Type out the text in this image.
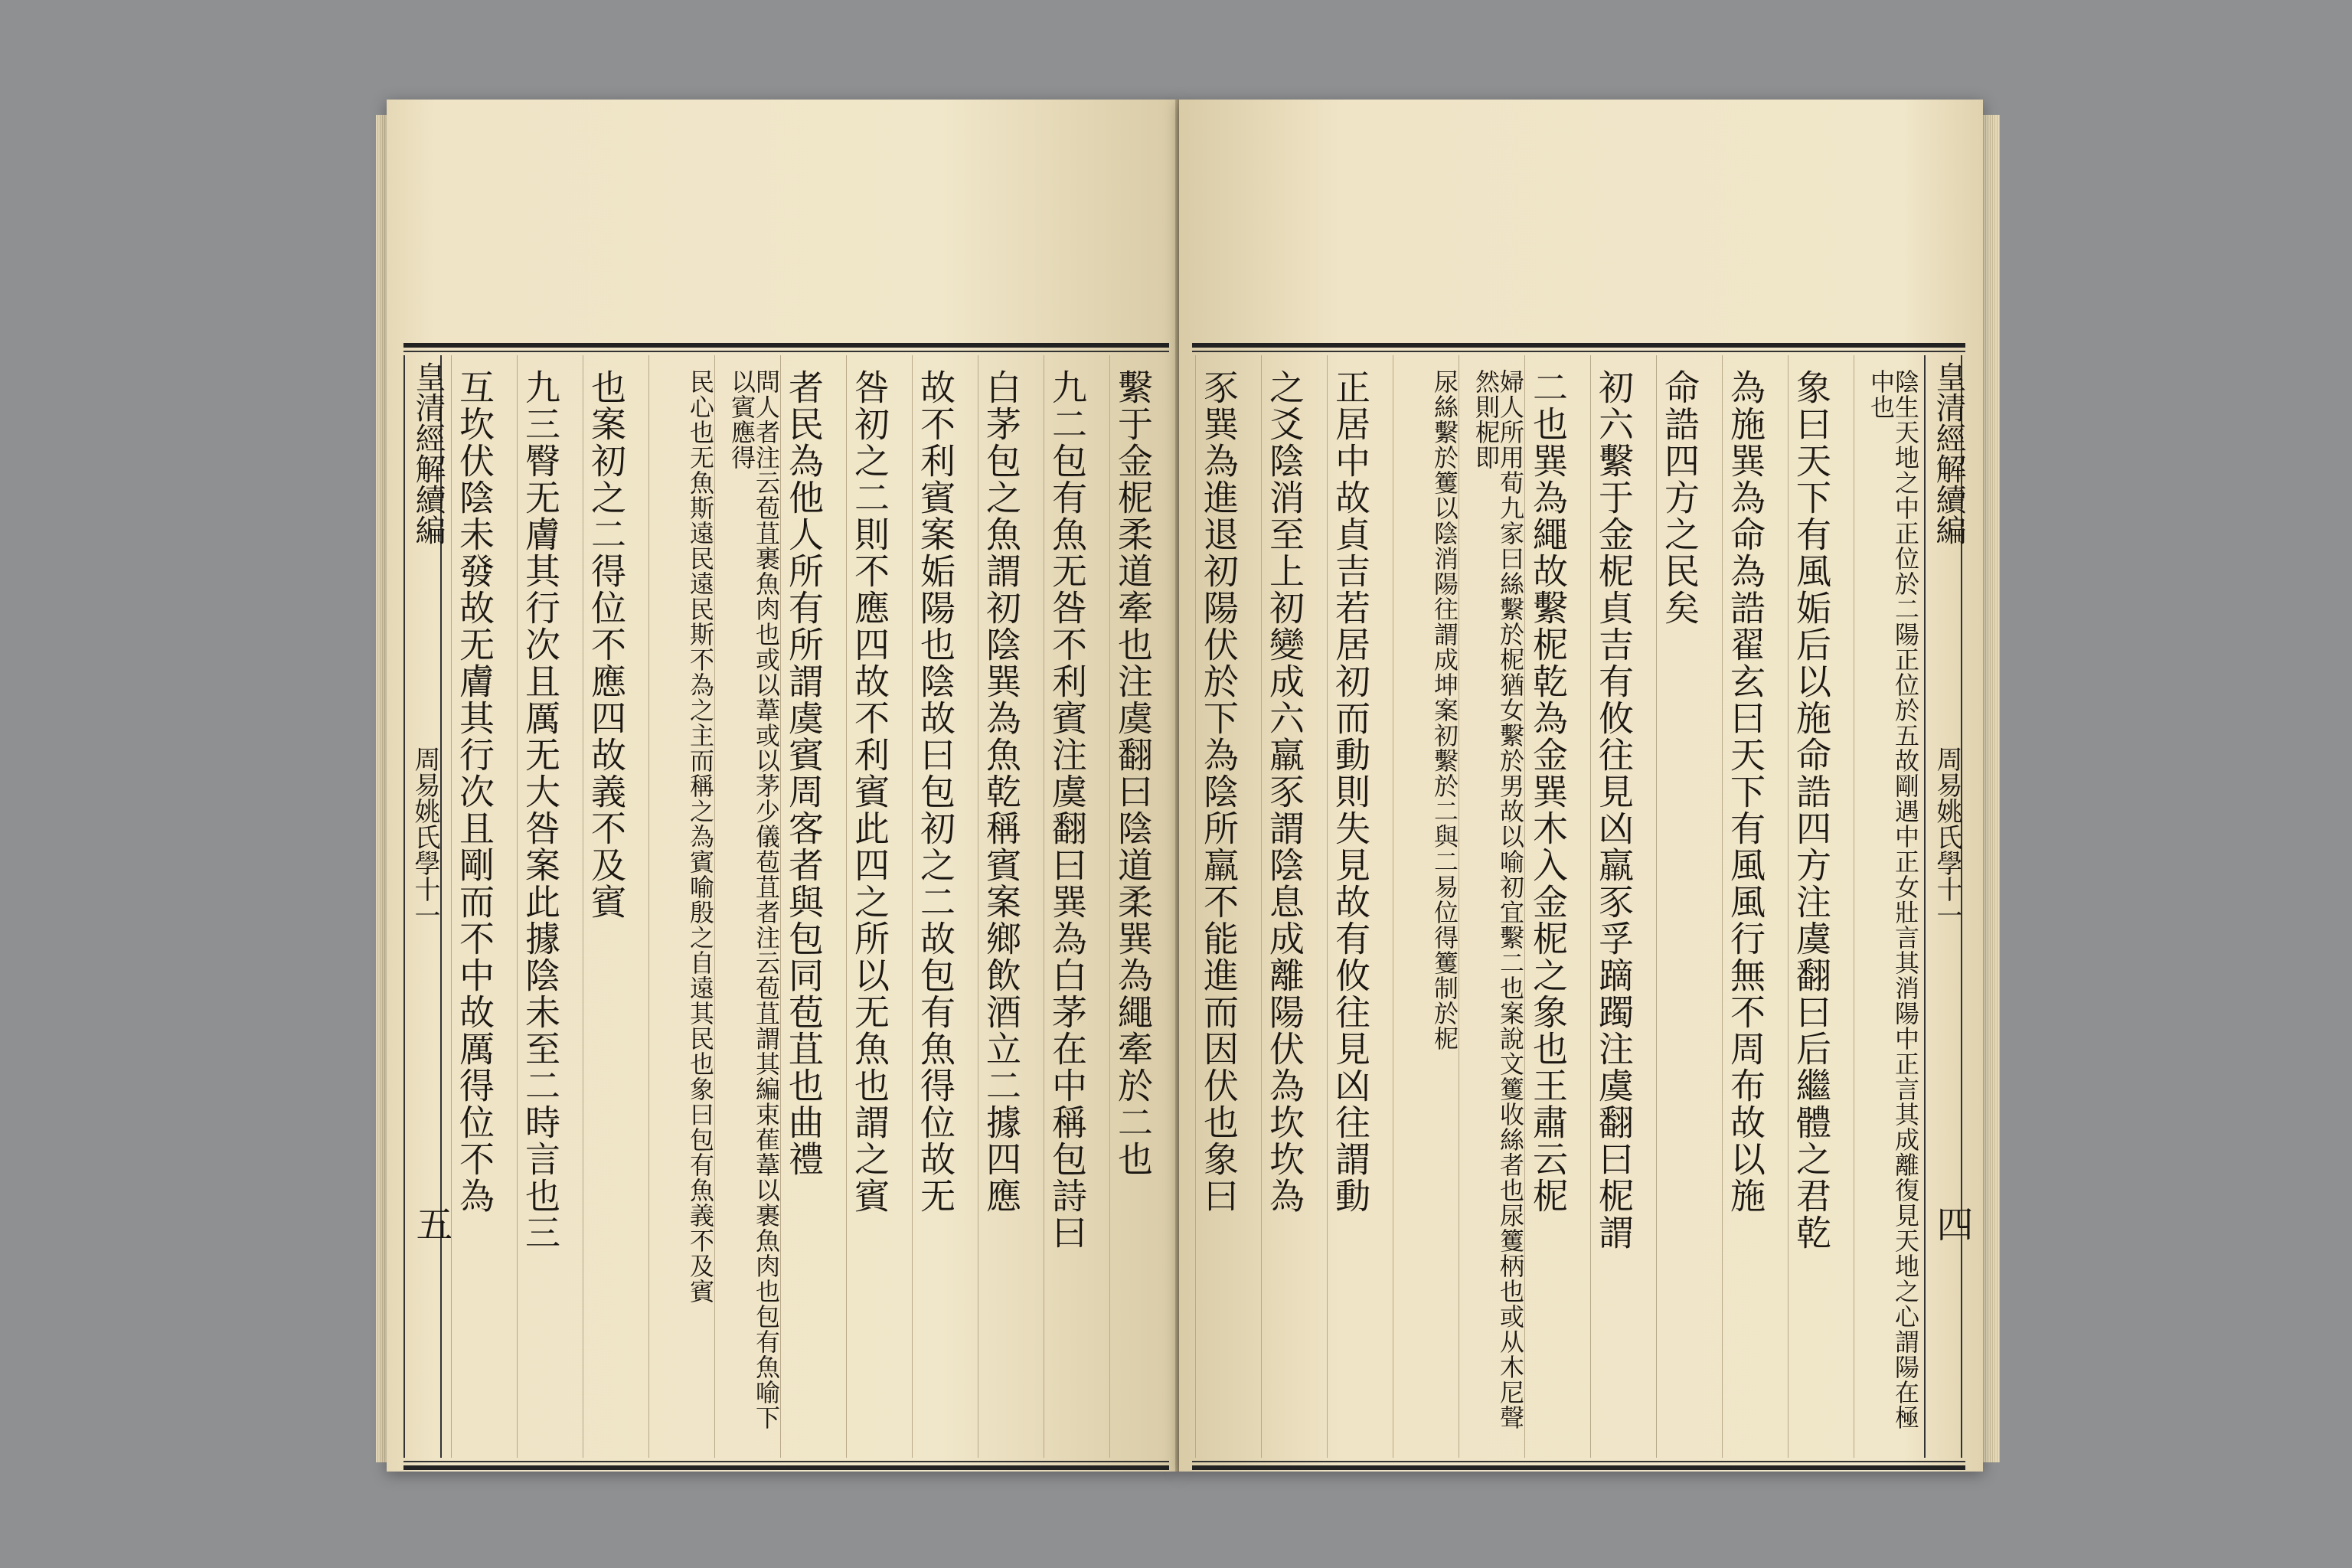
皇清經解續編
周易姚氏學十一
五
互坎伏陰未發故无膚其行次且剛而不中故厲得位不為 九三臀无膚其行次且厲无大咎案此據陰未至二時言也三 也案初之二得位不應四故義不及賓	民心也无魚斯遠民遠民斯不為之主而稱之為賓喻殷之自遠其民也象曰包有魚義不及賓	問人者注云苞苴裹魚肉也或以葦或以茅少儀苞苴者注云苞苴謂其編束萑葦以裹魚肉也包有魚喻下以賓應得 者民為他人所有所謂虞賓周客者與包同苞苴也曲禮 咎初之二則不應四故不利賓此四之所以无魚也謂之賓 故不利賓案姤陽也陰故曰包初之二故包有魚得位故无 白茅包之魚謂初陰巽為魚乾稱賓案鄉飲酒立二據四應 九二包有魚无咎不利賓注虞翻曰巽為白茅在中稱包詩曰 繫于金柅柔道牽也注虞翻曰陰道柔巽為繩牽於二也 豕巽為進退初陽伏於下為陰所羸不能進而因伏也象曰 之爻陰消至上初變成六羸豕謂陰息成離陽伏為坎坎為 正居中故貞吉若居初而動則失見故有攸往見凶往謂動	尿絲繫於籆以陰消陽往謂成坤案初繫於二與二易位得籆制於柅	婦人所用荀九家曰絲繫於柅猶女繫於男故以喻初宜繫二也案說文籆收絲者也尿籆柄也或从木尼聲然則柅即 二也巽為繩故繫柅乾為金巽木入金柅之象也王肅云柅 初六繫于金柅貞吉有攸往見凶羸豕孚蹢躅注虞翻曰柅謂 命誥四方之民矣 為施巽為命為誥翟玄曰天下有風風行無不周布故以施 象曰天下有風姤后以施命誥四方注虞翻曰后繼體之君乾	陰生天地之中正位於二陽正位於五故剛遇中正女壯言其消陽中正言其成離復見天地之心謂陽在極中也	皇清經解續編
周易姚氏學十一
四
